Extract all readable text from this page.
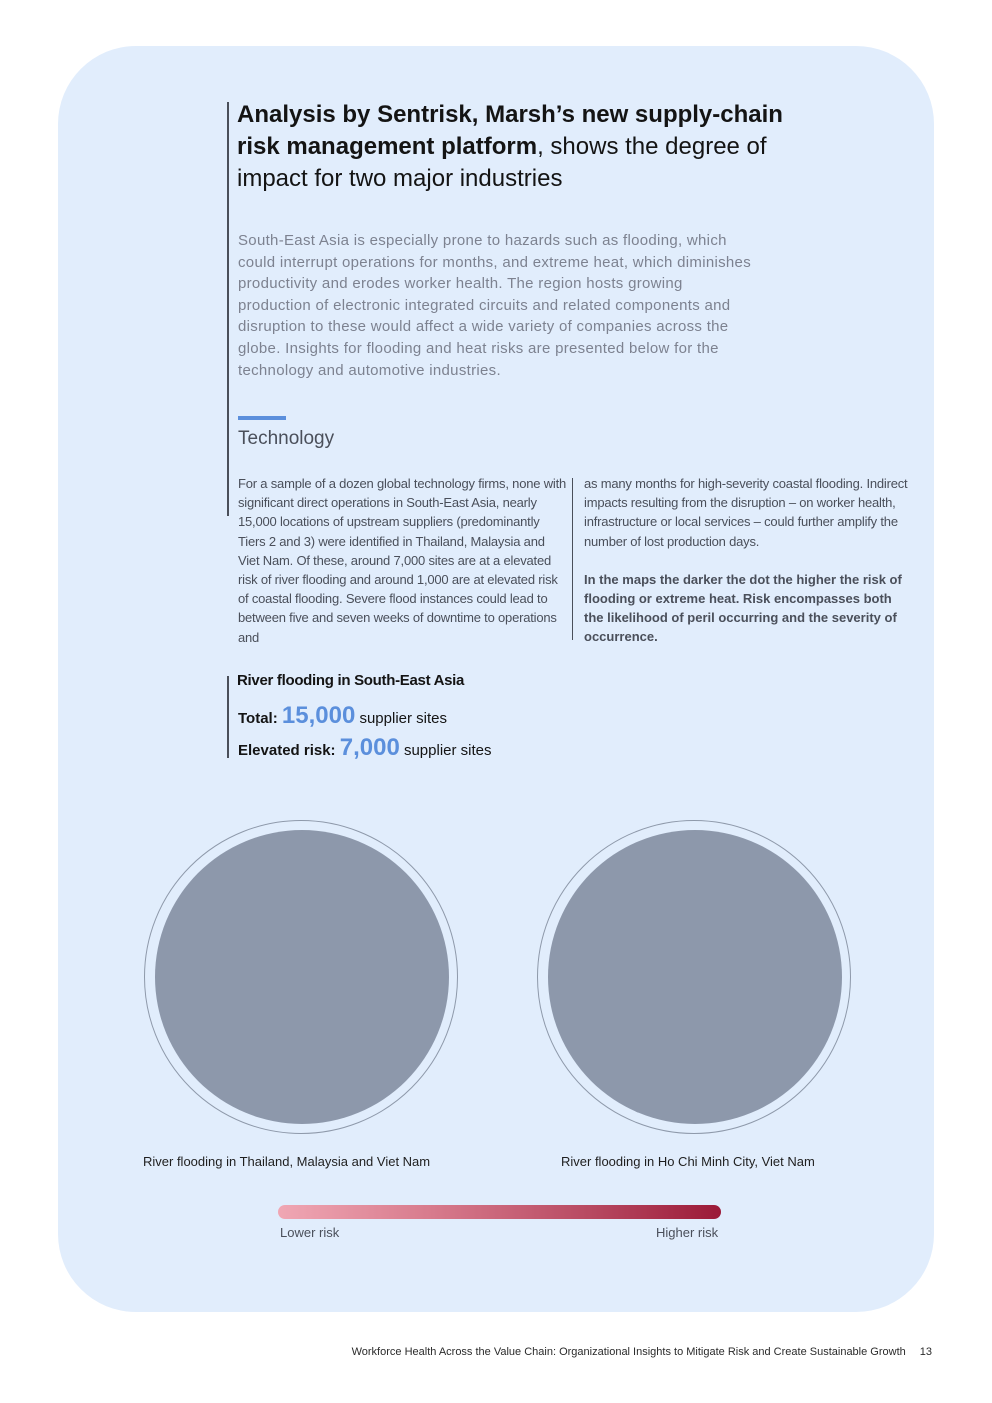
Analysis by Sentrisk, Marsh’s new supply-chain risk management platform, shows the degree of impact for two major industries

South-East Asia is especially prone to hazards such as flooding, which could interrupt operations for months, and extreme heat, which diminishes productivity and erodes worker health. The region hosts growing production of electronic integrated circuits and related components and disruption to these would affect a wide variety of companies across the globe. Insights for flooding and heat risks are presented below for the technology and automotive industries.

Technology

For a sample of a dozen global technology firms, none with significant direct operations in South-East Asia, nearly 15,000 locations of upstream suppliers (predominantly Tiers 2 and 3) were identified in Thailand, Malaysia and Viet Nam. Of these, around 7,000 sites are at a elevated risk of river flooding and around 1,000 are at elevated risk of coastal flooding. Severe flood instances could lead to between five and seven weeks of downtime to operations and

as many months for high-severity coastal flooding. Indirect impacts resulting from the disruption – on worker health, infrastructure or local services – could further amplify the number of lost production days.

In the maps the darker the dot the higher the risk of flooding or extreme heat. Risk encompasses both the likelihood of peril occurring and the severity of occurrence.

River flooding in South-East Asia
Total: 15,000 supplier sites
Elevated risk: 7,000 supplier sites
River flooding in Thailand, Malaysia and Viet Nam	River flooding in Ho Chi Minh City, Viet Nam
Lower risk	Higher risk
Workforce Health Across the Value Chain: Organizational Insights to Mitigate Risk and Create Sustainable Growth 13
